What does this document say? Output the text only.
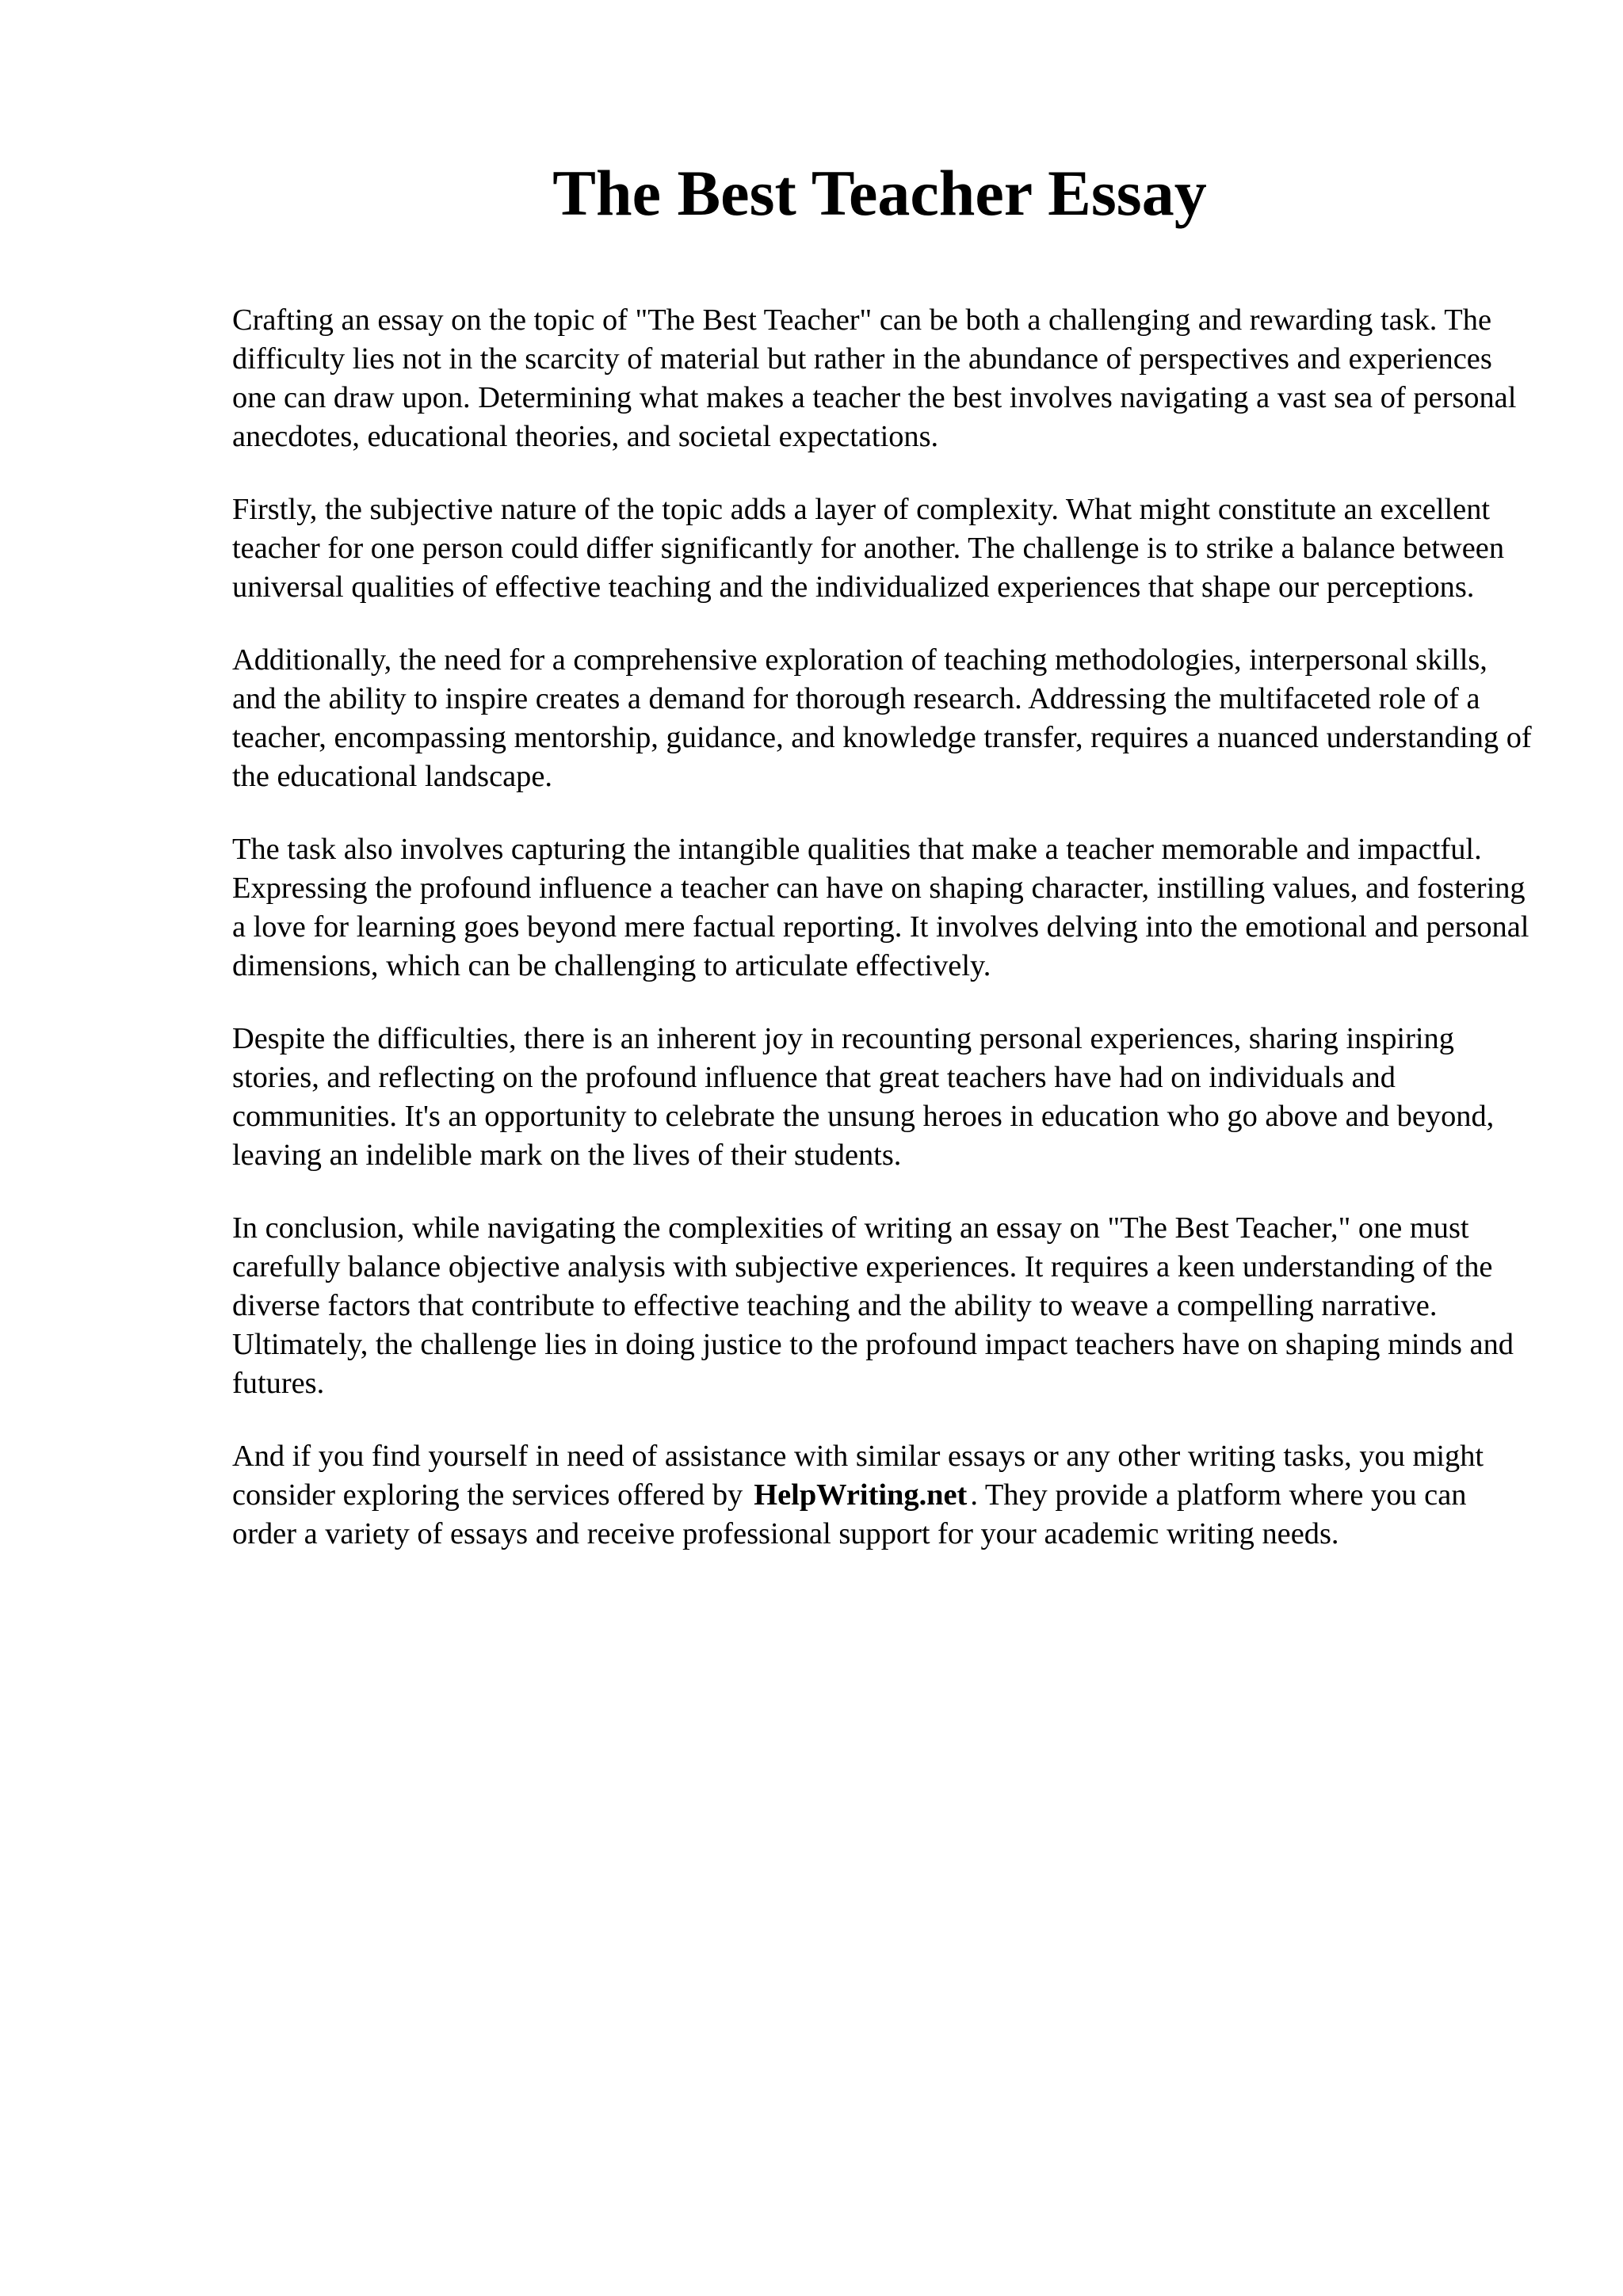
The Best Teacher Essay

Crafting an essay on the topic of "The Best Teacher" can be both a challenging and rewarding task. The difficulty lies not in the scarcity of material but rather in the abundance of perspectives and experiences one can draw upon. Determining what makes a teacher the best involves navigating a vast sea of personal anecdotes, educational theories, and societal expectations.

Firstly, the subjective nature of the topic adds a layer of complexity. What might constitute an excellent teacher for one person could differ significantly for another. The challenge is to strike a balance between universal qualities of effective teaching and the individualized experiences that shape our perceptions.

Additionally, the need for a comprehensive exploration of teaching methodologies, interpersonal skills, and the ability to inspire creates a demand for thorough research. Addressing the multifaceted role of a teacher, encompassing mentorship, guidance, and knowledge transfer, requires a nuanced understanding of the educational landscape.

The task also involves capturing the intangible qualities that make a teacher memorable and impactful. Expressing the profound influence a teacher can have on shaping character, instilling values, and fostering a love for learning goes beyond mere factual reporting. It involves delving into the emotional and personal dimensions, which can be challenging to articulate effectively.

Despite the difficulties, there is an inherent joy in recounting personal experiences, sharing inspiring stories, and reflecting on the profound influence that great teachers have had on individuals and communities. It's an opportunity to celebrate the unsung heroes in education who go above and beyond, leaving an indelible mark on the lives of their students.

In conclusion, while navigating the complexities of writing an essay on "The Best Teacher," one must carefully balance objective analysis with subjective experiences. It requires a keen understanding of the diverse factors that contribute to effective teaching and the ability to weave a compelling narrative. Ultimately, the challenge lies in doing justice to the profound impact teachers have on shaping minds and futures.

And if you find yourself in need of assistance with similar essays or any other writing tasks, you might consider exploring the services offered by HelpWriting.net . They provide a platform where you can order a variety of essays and receive professional support for your academic writing needs.
